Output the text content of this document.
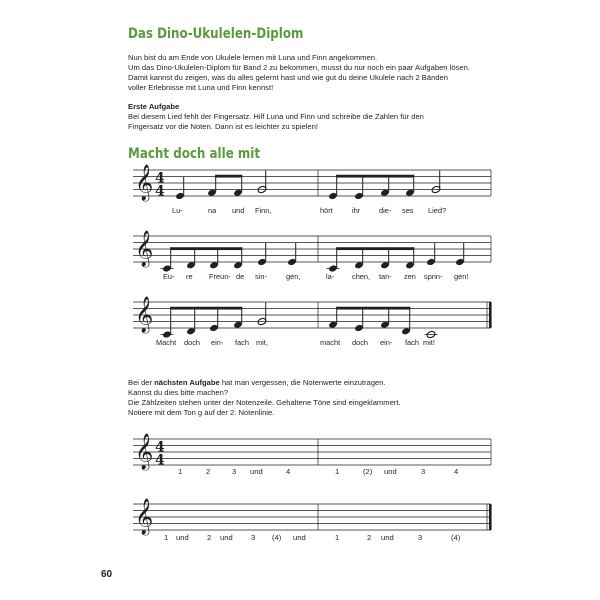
Das Dino-Ukulelen-Diplom

Nun bist du am Ende von Ukulele lernen mit Luna und Finn angekommen.

Um das Dino-Ukulelen-Diplom für Band 2 zu bekommen, musst du nur noch ein paar Aufgaben lösen.

Damit kannst du zeigen, was du alles gelernt hast und wie gut du deine Ukulele nach 2 Bänden

voller Erlebnisse mit Luna und Finn kennst!

Erste Aufgabe

Bei diesem Lied fehlt der Fingersatz. Hilf Luna und Finn und schreibe die Zahlen für den

Fingersatz vor die Noten. Dann ist es leichter zu spielen!

Macht doch alle mit
𝄞 4
4
𝄞
𝄞
𝄞 4
4
𝄞
Lu-	na und Finn,	hört	ihr	die- ses Lied?
Eu- re Freun- de sin-	gen,	la- chen, tan- zen sprin- gen!
Macht doch ein- fach mit,	macht doch ein- fach mit!

Bei der nächsten Aufgabe hat man vergessen, die Notenwerte einzutragen.

Kannst du dies bitte machen?

Die Zählzeiten stehen unter der Notenzeile. Gehaltene Töne sind eingeklammert.

Notiere mit dem Ton g auf der 2. Notenlinie.

1	2	3 und	4	1	(2) und	3	4
1 und 2 und 3 (4) und	1	2 und	3	(4)
60
